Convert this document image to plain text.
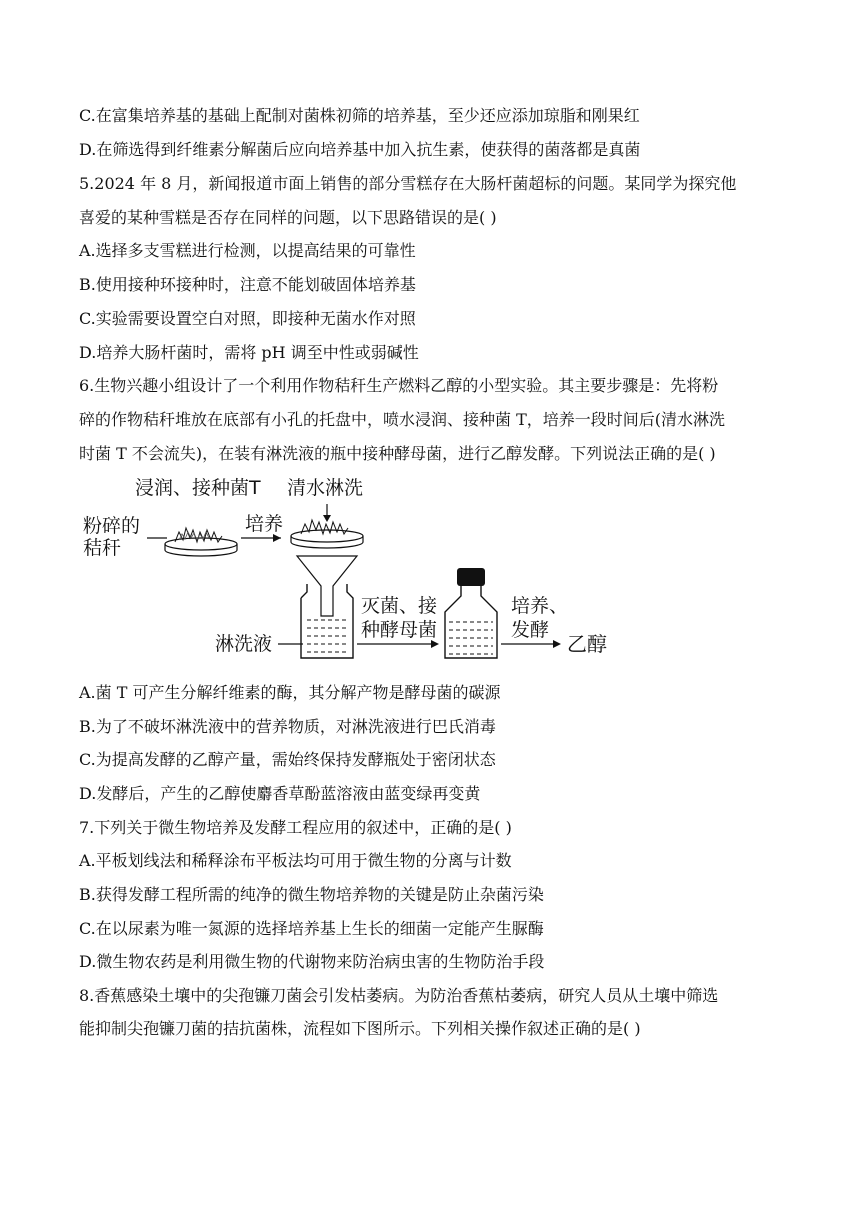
C.在富集培养基的基础上配制对菌株初筛的培养基，至少还应添加琼脂和刚果红
D.在筛选得到纤维素分解菌后应向培养基中加入抗生素，使获得的菌落都是真菌
5.2024 年 8 月，新闻报道市面上销售的部分雪糕存在大肠杆菌超标的问题。某同学为探究他
喜爱的某种雪糕是否存在同样的问题，以下思路错误的是( )
A.选择多支雪糕进行检测，以提高结果的可靠性
B.使用接种环接种时，注意不能划破固体培养基
C.实验需要设置空白对照，即接种无菌水作对照
D.培养大肠杆菌时，需将 pH 调至中性或弱碱性
6.生物兴趣小组设计了一个利用作物秸秆生产燃料乙醇的小型实验。其主要步骤是：先将粉
碎的作物秸秆堆放在底部有小孔的托盘中，喷水浸润、接种菌 T，培养一段时间后(清水淋洗
时菌 T 不会流失)，在装有淋洗液的瓶中接种酵母菌，进行乙醇发酵。下列说法正确的是( )
浸润、接种菌T 清水淋洗
粉碎的
秸秆
培养
淋洗液
灭菌、接
种酵母菌
培养、
发酵
乙醇
A.菌 T 可产生分解纤维素的酶，其分解产物是酵母菌的碳源
B.为了不破坏淋洗液中的营养物质，对淋洗液进行巴氏消毒
C.为提高发酵的乙醇产量，需始终保持发酵瓶处于密闭状态
D.发酵后，产生的乙醇使麝香草酚蓝溶液由蓝变绿再变黄
7.下列关于微生物培养及发酵工程应用的叙述中，正确的是( )
A.平板划线法和稀释涂布平板法均可用于微生物的分离与计数
B.获得发酵工程所需的纯净的微生物培养物的关键是防止杂菌污染
C.在以尿素为唯一氮源的选择培养基上生长的细菌一定能产生脲酶
D.微生物农药是利用微生物的代谢物来防治病虫害的生物防治手段
8.香蕉感染土壤中的尖孢镰刀菌会引发枯萎病。为防治香蕉枯萎病，研究人员从土壤中筛选
能抑制尖孢镰刀菌的拮抗菌株，流程如下图所示。下列相关操作叙述正确的是( )
